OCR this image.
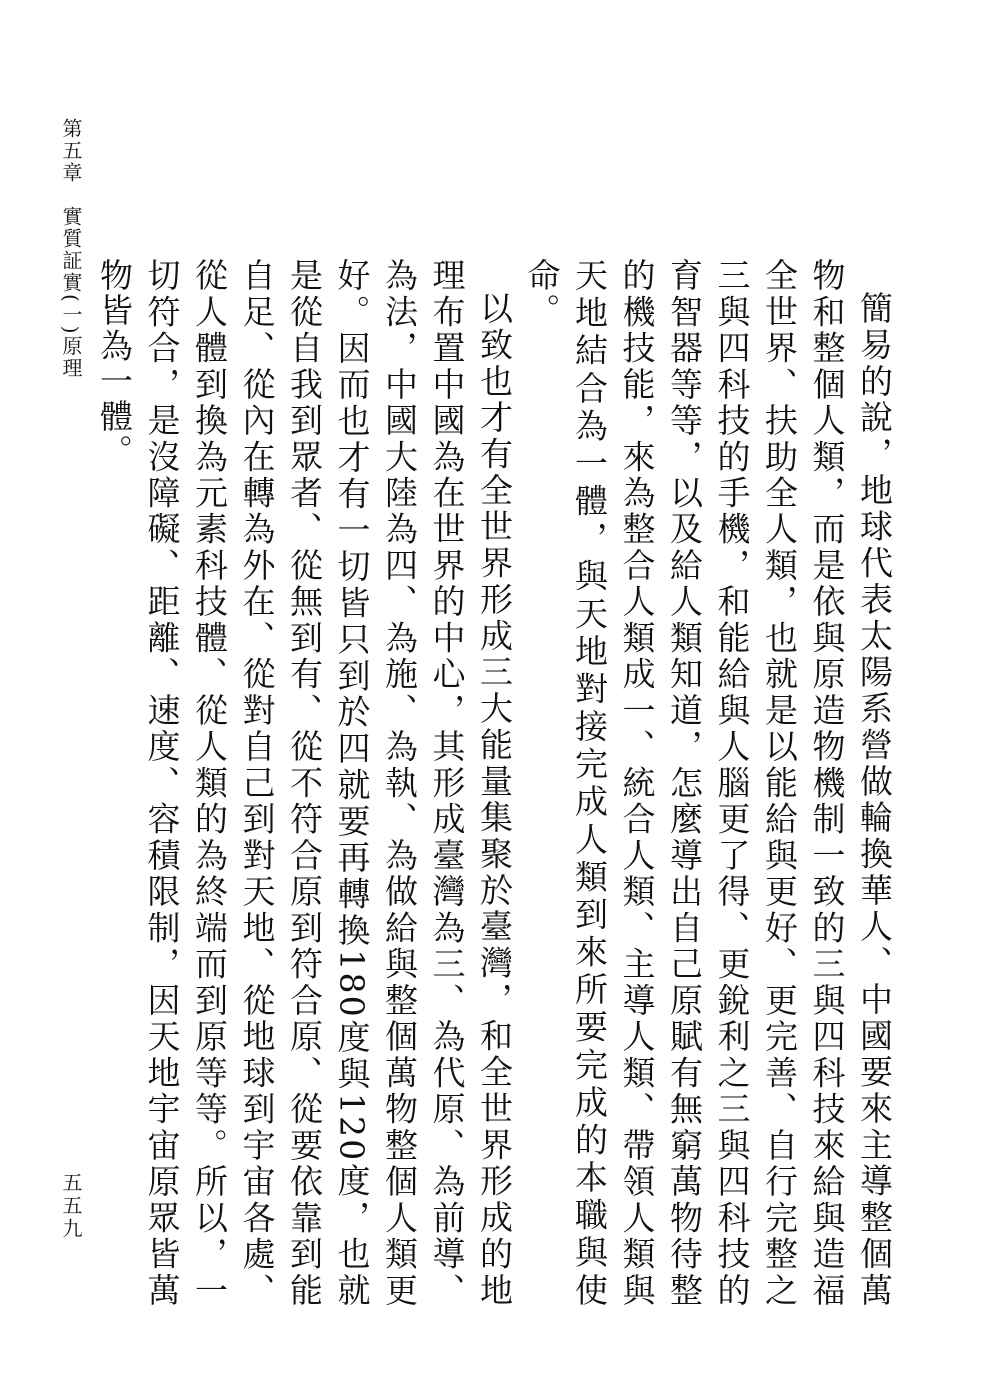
第五章實質証實(一)原理	簡易的說，地球代表太陽系營做輪換華人、中國要來主導整個萬物和整個人類，而是依與原造物機制一致的三與四科技來給與造福全世界、扶助全人類，也就是以能給與更好、更完善、自行完整之三與四科技的手機，和能給與人腦更了得、更銳利之三與四科技的育智器等等，以及給人類知道，怎麼導出自己原賦有無窮萬物待整的機技能，來為整合人類成一、統合人類、主導人類、帶領人類與天地結合為一體，與天地對接完成人類到來所要完成的本職與使命。

以致也才有全世界形成三大能量集聚於臺灣，和全世界形成的地理布置中國為在世界的中心，其形成臺灣為三、為代原、為前導、為法，中國大陸為四、為施、為執、為做給與整個萬物整個人類更好。因而也才有一切皆只到於四就要再轉換180度與120度，也就是從自我到眾者、從無到有、從不符合原到符合原、從要依靠到能自足、從內在轉為外在、從對自己到對天地、從地球到宇宙各處、從人體到換為元素科技體、從人類的為終端而到原等等。所以，一切符合，是沒障礙、距離、速度、容積限制，因天地宇宙原眾皆萬物皆為一體。

五五九
